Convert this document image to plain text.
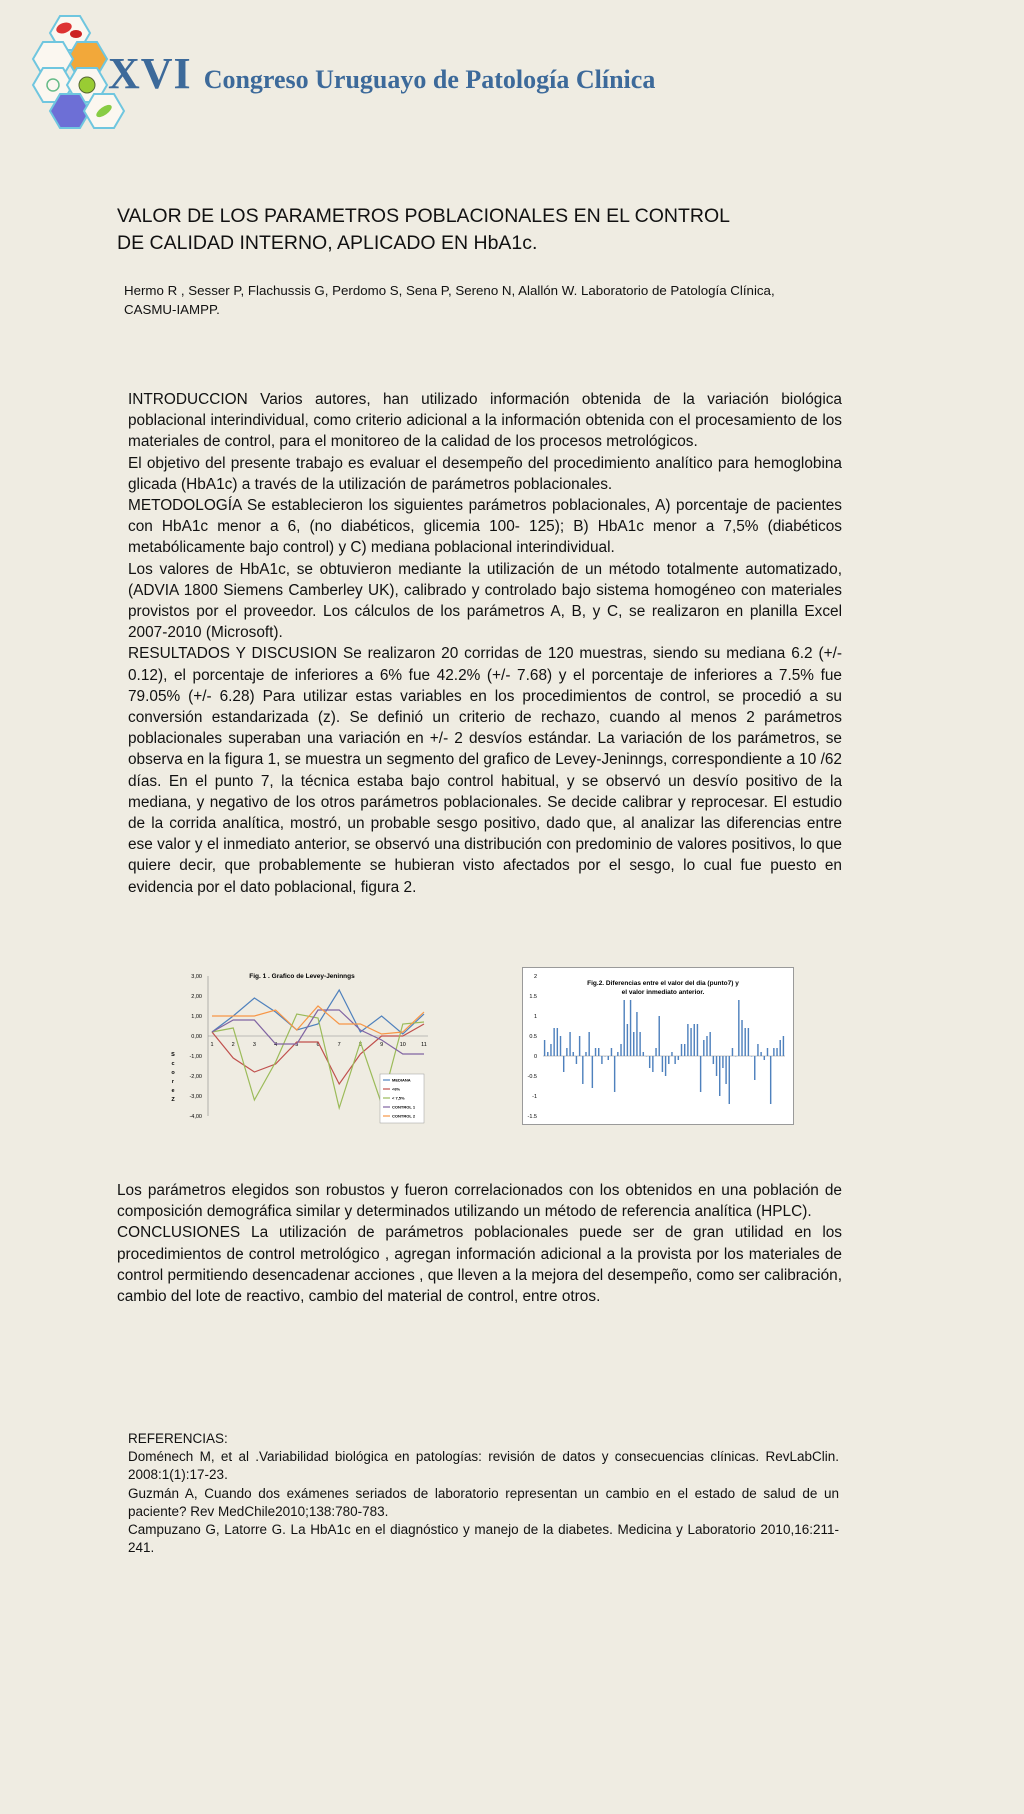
XVI Congreso Uruguayo de Patología Clínica
VALOR DE LOS PARAMETROS POBLACIONALES EN EL CONTROL DE CALIDAD INTERNO, APLICADO EN HbA1c.
Hermo R , Sesser P, Flachussis G, Perdomo S, Sena P, Sereno N, Alallón W. Laboratorio de Patología Clínica, CASMU-IAMPP.

INTRODUCCION Varios autores, han utilizado información obtenida de la variación biológica poblacional interindividual, como criterio adicional a la información obtenida con el procesamiento de los materiales de control, para el monitoreo de la calidad de los procesos metrológicos.

El objetivo del presente trabajo es evaluar el desempeño del procedimiento analítico para hemoglobina glicada (HbA1c) a través de la utilización de parámetros poblacionales.

METODOLOGÍA Se establecieron los siguientes parámetros poblacionales, A) porcentaje de pacientes con HbA1c menor a 6, (no diabéticos, glicemia 100- 125); B) HbA1c menor a 7,5% (diabéticos metabólicamente bajo control) y C) mediana poblacional interindividual.

Los valores de HbA1c, se obtuvieron mediante la utilización de un método totalmente automatizado, (ADVIA 1800 Siemens Camberley UK), calibrado y controlado bajo sistema homogéneo con materiales provistos por el proveedor. Los cálculos de los parámetros A, B, y C, se realizaron en planilla Excel 2007-2010 (Microsoft).

RESULTADOS Y DISCUSION Se realizaron 20 corridas de 120 muestras, siendo su mediana 6.2 (+/- 0.12), el porcentaje de inferiores a 6% fue 42.2% (+/- 7.68) y el porcentaje de inferiores a 7.5% fue 79.05% (+/- 6.28) Para utilizar estas variables en los procedimientos de control, se procedió a su conversión estandarizada (z). Se definió un criterio de rechazo, cuando al menos 2 parámetros poblacionales superaban una variación en +/- 2 desvíos estándar. La variación de los parámetros, se observa en la figura 1, se muestra un segmento del grafico de Levey-Jeninngs, correspondiente a 10 /62 días. En el punto 7, la técnica estaba bajo control habitual, y se observó un desvío positivo de la mediana, y negativo de los otros parámetros poblacionales. Se decide calibrar y reprocesar. El estudio de la corrida analítica, mostró, un probable sesgo positivo, dado que, al analizar las diferencias entre ese valor y el inmediato anterior, se observó una distribución con predominio de valores positivos, lo que quiere decir, que probablemente se hubieran visto afectados por el sesgo, lo cual fue puesto en evidencia por el dato poblacional, figura 2.

Fig. 1 . Grafico de Levey-Jeninngs
3,00
2,00
1,00
0,00
-1,00
-2,00
-3,00
-4,00
1	2	3	4	5	6	7	8	9	10	11
S
c
o
r
e
Z
MEDIANA
<6%
< 7,5%
CONTROL 1
CONTROL 2
2
1.5
1
0.5
0
-0.5
-1
-1.5
Fig.2. Diferencias entre el valor del dia (punto7) y el valor inmediato anterior.

Los parámetros elegidos son robustos y fueron correlacionados con los obtenidos en una población de composición demográfica similar y determinados utilizando un método de referencia analítica (HPLC).

CONCLUSIONES La utilización de parámetros poblacionales puede ser de gran utilidad en los procedimientos de control metrológico , agregan información adicional a la provista por los materiales de control permitiendo desencadenar acciones , que lleven a la mejora del desempeño, como ser calibración, cambio del lote de reactivo, cambio del material de control, entre otros.

REFERENCIAS:

Doménech M, et al .Variabilidad biológica en patologías: revisión de datos y consecuencias clínicas. RevLabClin. 2008:1(1):17-23.

Guzmán A, Cuando dos exámenes seriados de laboratorio representan un cambio en el estado de salud de un paciente? Rev MedChile2010;138:780-783.

Campuzano G, Latorre G. La HbA1c en el diagnóstico y manejo de la diabetes. Medicina y Laboratorio 2010,16:211-241.
